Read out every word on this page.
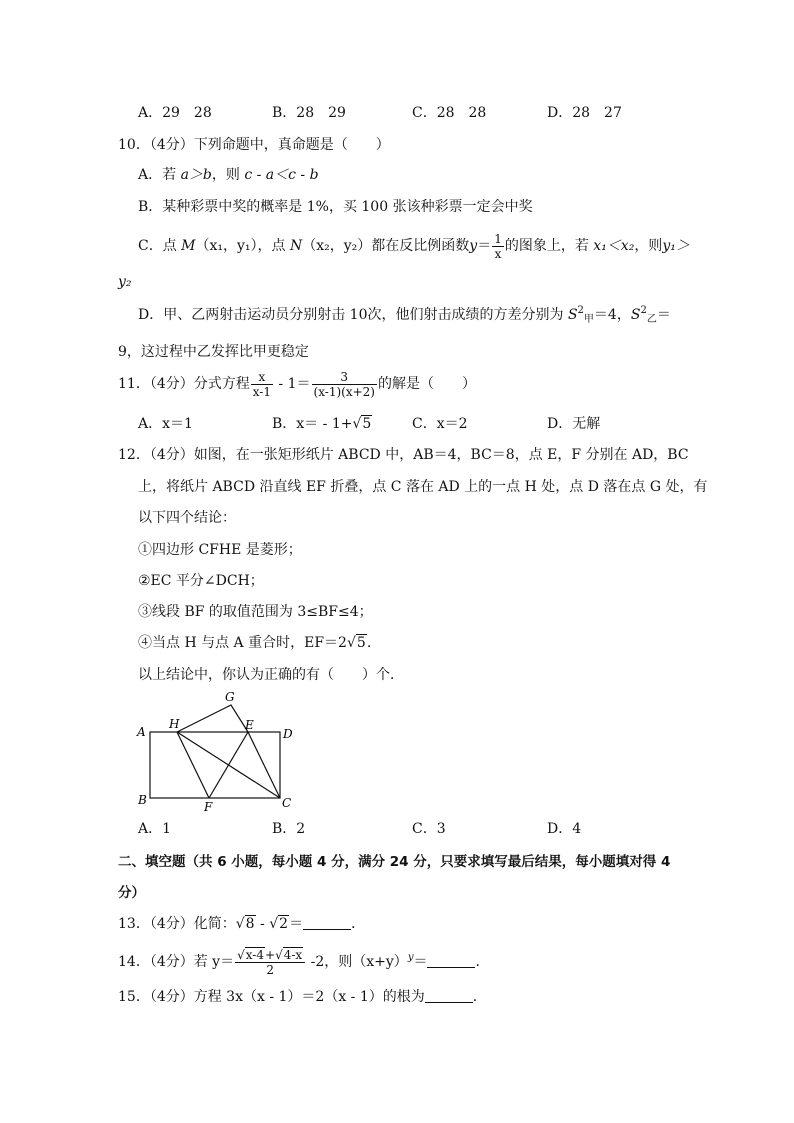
A．29　28	B．28　29	C．28　28	D．28　27
10．（4分）下列命题中，真命题是（　　）
A．若 a＞b，则 c - a＜c - b
B．某种彩票中奖的概率是 1%，买 100 张该种彩票一定会中奖
C．点 M（x₁，y₁），点 N（x₂，y₂）都在反比例函数$y= \frac{1}{x}$ 的图象上，若 x₁＜x₂，则y₁＞
y₂
D．甲、乙两射击运动员分别射击 10次，他们射击成绩的方差分别为 $S^2_甲=4$，$S^2_乙=$
9，这过程中乙发挥比甲更稳定
11．（4分）分式方程 $\frac{x}{x-1} - 1= \frac{3}{(x-1)(x+2)}$ 的解是（　　）
A．x＝1	B．x＝ - 1+√5	C．x＝2	D．无解
12．（4分）如图，在一张矩形纸片 ABCD 中，AB＝4，BC＝8，点 E，F 分别在 AD，BC
上，将纸片 ABCD 沿直线 EF 折叠，点 C 落在 AD 上的一点 H 处，点 D 落在点 G 处，有
以下四个结论：
①四边形 CFHE 是菱形；
②EC 平分∠DCH；
③线段 BF 的取值范围为 3≤BF≤4；
④当点 H 与点 A 重合时，EF＝2√5.
以上结论中，你认为正确的有（　　）个．
G
A
H	E
D
B	F	C
A．1	B．2	C．3	D．4
二、填空题（共 6 小题，每小题 4 分，满分 24 分，只要求填写最后结果，每小题填对得 4
分）
13．（4分）化简：√8 - √2＝	．
14．（4分）若 $y= \frac{√x-4+√4-x}{2} -2$，则$(x+y)^y=$	．
15．（4分）方程 3x（x - 1）＝2（x - 1）的根为	．
